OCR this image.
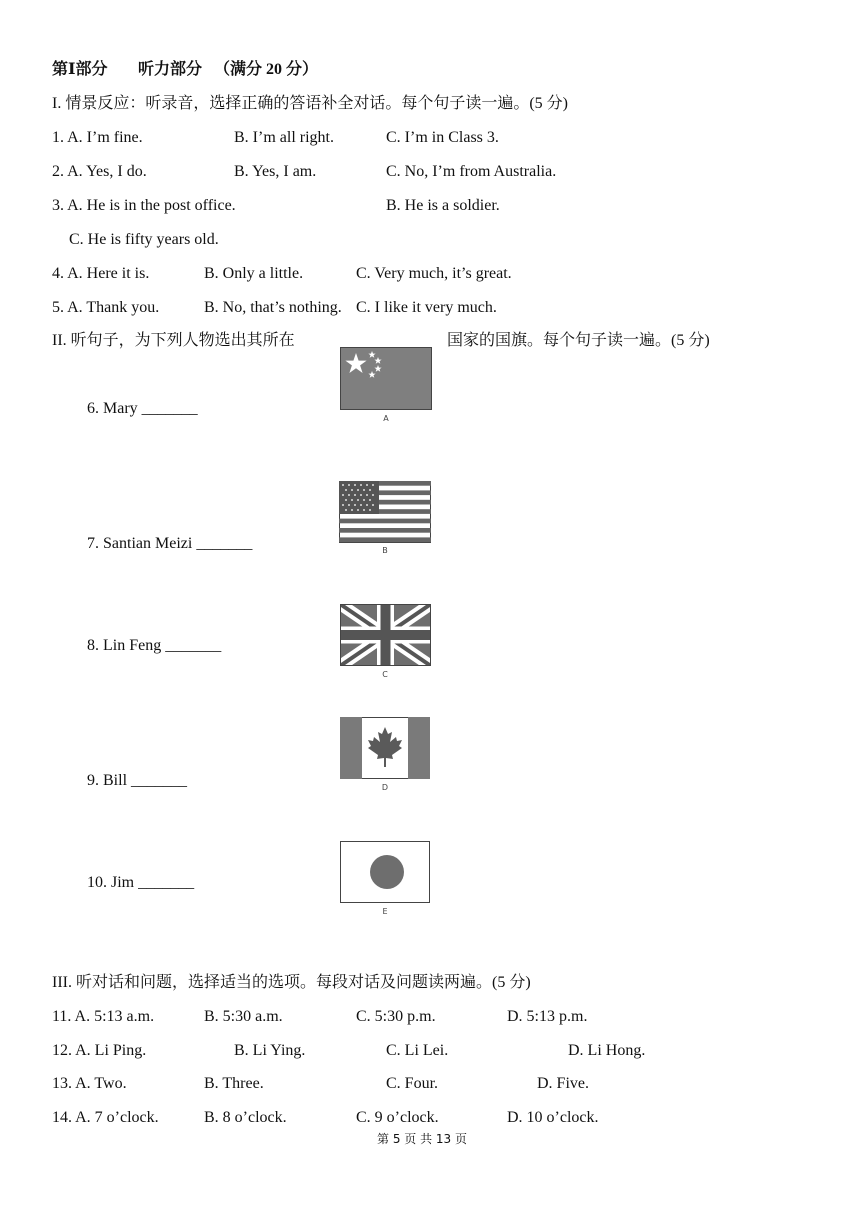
第Ⅰ部分 听力部分 （满分 20 分）
I. 情景反应：听录音，选择正确的答语补全对话。每个句子读一遍。(5 分)
1. A. I’m fine.	B. I’m all right.	C. I’m in Class 3.
2. A. Yes, I do.	B. Yes, I am.	C. No, I’m from Australia.
3. A. He is in the post office.	B. He is a soldier.
C. He is fifty years old.
4. A. Here it is.	B. Only a little.	C. Very much, it’s great.
5. A. Thank you.	B. No, that’s nothing. C. I like it very much.
II. 听句子，为下列人物选出其所在	国家的国旗。每个句子读一遍。(5 分)
6. Mary _______
7. Santian Meizi _______
8. Lin Feng _______
9. Bill _______
10. Jim _______
A
B
C
D
E
III. 听对话和问题，选择适当的选项。每段对话及问题读两遍。(5 分)
11. A. 5:13 a.m.	B. 5:30 a.m.	C. 5:30 p.m.	D. 5:13 p.m.
12. A. Li Ping.	B. Li Ying.	C. Li Lei.	D. Li Hong.
13. A. Two.	B. Three.	C. Four.	D. Five.
14. A. 7 o’clock.	B. 8 o’clock.	C. 9 o’clock.	D. 10 o’clock.
第 5 页 共 13 页
